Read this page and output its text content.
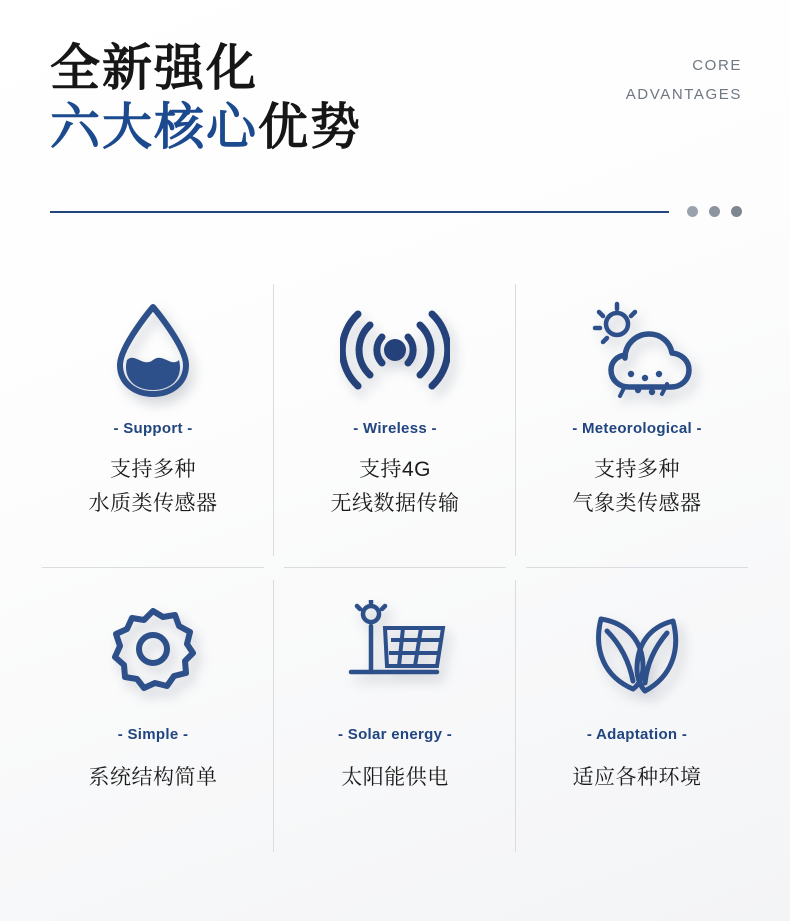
全新强化
六大核心优势
CORE
ADVANTAGES
- Support -
支持多种
水质类传感器
- Wireless -
支持4G
无线数据传输
- Meteorological -
支持多种
气象类传感器
- Simple -
系统结构简单
- Solar energy -
太阳能供电
- Adaptation -
适应各种环境
